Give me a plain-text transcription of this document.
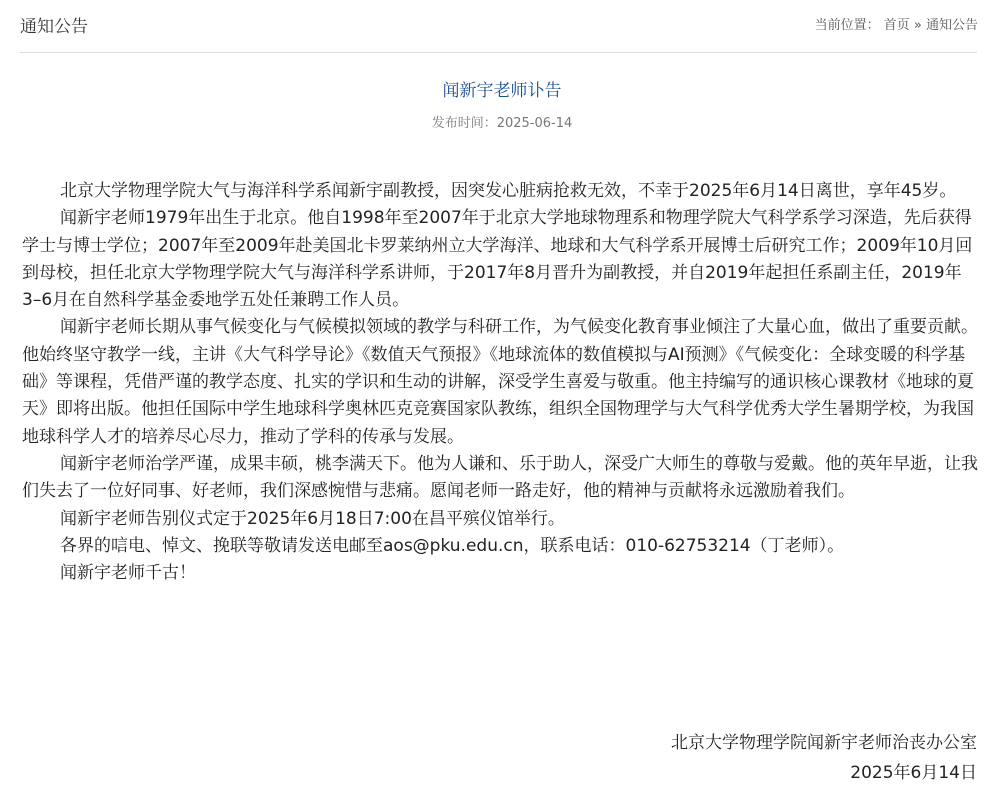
通知公告	当前位置： 首页 » 通知公告
闻新宇老师讣告
发布时间：2025-06-14

北京大学物理学院大气与海洋科学系闻新宇副教授，因突发心脏病抢救无效，不幸于2025年6月14日离世，享年45岁。

闻新宇老师1979年出生于北京。他自1998年至2007年于北京大学地球物理系和物理学院大气科学系学习深造，先后获得学士与博士学位；2007年至2009年赴美国北卡罗莱纳州立大学海洋、地球和大气科学系开展博士后研究工作；2009年10月回到母校，担任北京大学物理学院大气与海洋科学系讲师，于2017年8月晋升为副教授，并自2019年起担任系副主任，2019年3–6月在自然科学基金委地学五处任兼聘工作人员。

闻新宇老师长期从事气候变化与气候模拟领域的教学与科研工作，为气候变化教育事业倾注了大量心血，做出了重要贡献。他始终坚守教学一线，主讲《大气科学导论》《数值天气预报》《地球流体的数值模拟与AI预测》《气候变化：全球变暖的科学基础》等课程，凭借严谨的教学态度、扎实的学识和生动的讲解，深受学生喜爱与敬重。他主持编写的通识核心课教材《地球的夏天》即将出版。他担任国际中学生地球科学奥林匹克竞赛国家队教练，组织全国物理学与大气科学优秀大学生暑期学校，为我国地球科学人才的培养尽心尽力，推动了学科的传承与发展。

闻新宇老师治学严谨，成果丰硕，桃李满天下。他为人谦和、乐于助人，深受广大师生的尊敬与爱戴。他的英年早逝，让我们失去了一位好同事、好老师，我们深感惋惜与悲痛。愿闻老师一路走好，他的精神与贡献将永远激励着我们。

闻新宇老师告别仪式定于2025年6月18日7:00在昌平殡仪馆举行。

各界的唁电、悼文、挽联等敬请发送电邮至aos@pku.edu.cn，联系电话：010-62753214（丁老师）。

闻新宇老师千古！

北京大学物理学院闻新宇老师治丧办公室
2025年6月14日
